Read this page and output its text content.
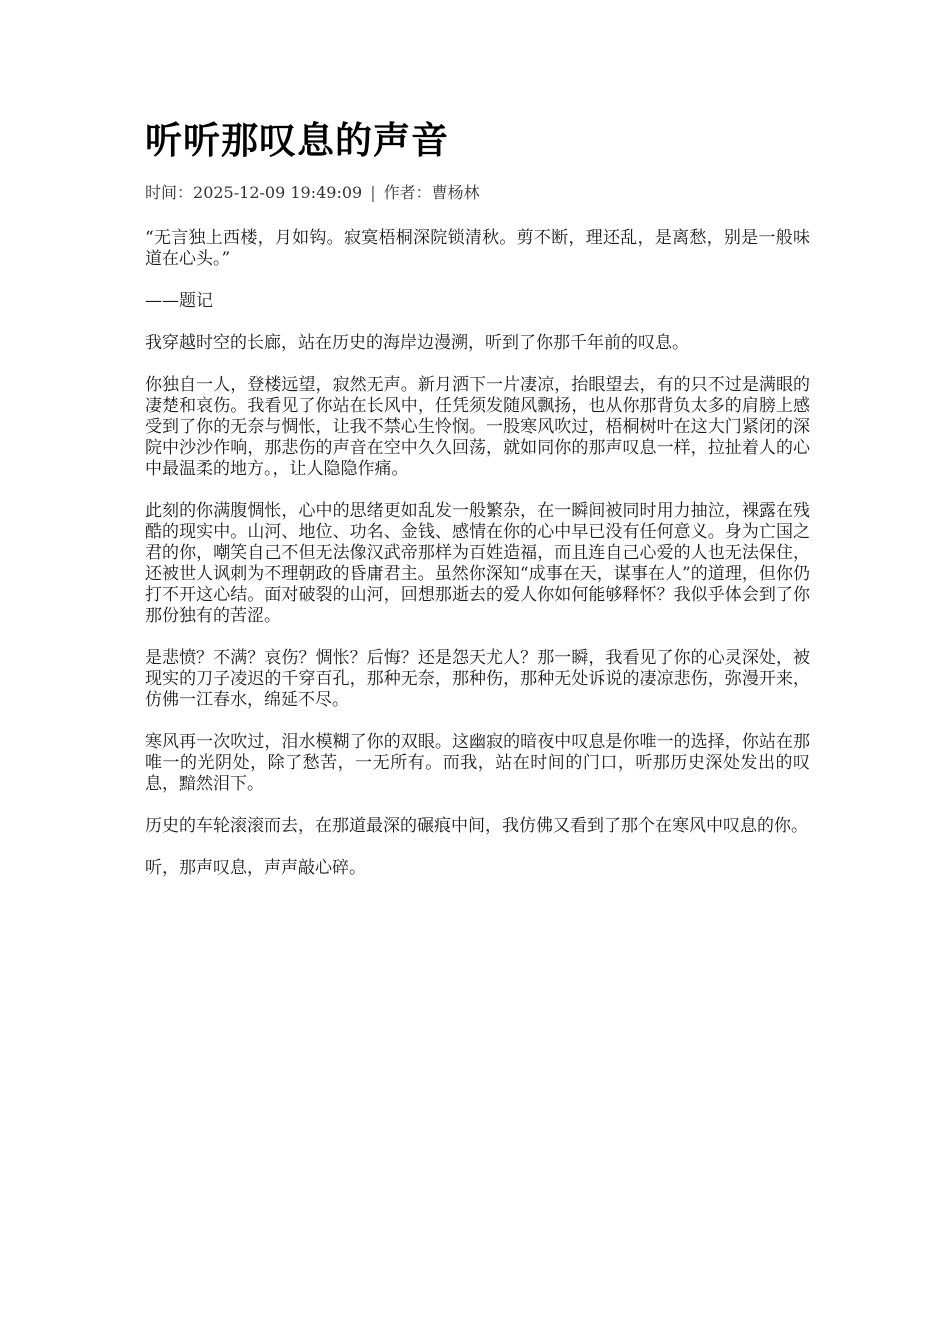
听听那叹息的声音
时间：2025-12-09 19:49:09 | 作者：曹杨林

“无言独上西楼，月如钩。寂寞梧桐深院锁清秋。剪不断，理还乱，是离愁，别是一般味道在心头。”

——题记

我穿越时空的长廊，站在历史的海岸边漫溯，听到了你那千年前的叹息。

你独自一人，登楼远望，寂然无声。新月洒下一片凄凉，抬眼望去，有的只不过是满眼的凄楚和哀伤。我看见了你站在长风中，任凭须发随风飘扬，也从你那背负太多的肩膀上感受到了你的无奈与惆怅，让我不禁心生怜悯。一股寒风吹过，梧桐树叶在这大门紧闭的深院中沙沙作响，那悲伤的声音在空中久久回荡，就如同你的那声叹息一样，拉扯着人的心中最温柔的地方。，让人隐隐作痛。

此刻的你满腹惆怅，心中的思绪更如乱发一般繁杂，在一瞬间被同时用力抽泣，裸露在残酷的现实中。山河、地位、功名、金钱、感情在你的心中早已没有任何意义。身为亡国之君的你，嘲笑自己不但无法像汉武帝那样为百姓造福，而且连自己心爱的人也无法保住，还被世人讽刺为不理朝政的昏庸君主。虽然你深知“成事在天，谋事在人”的道理，但你仍打不开这心结。面对破裂的山河，回想那逝去的爱人你如何能够释怀？我似乎体会到了你那份独有的苦涩。

是悲愤？不满？哀伤？惆怅？后悔？还是怨天尤人？那一瞬，我看见了你的心灵深处，被现实的刀子凌迟的千穿百孔，那种无奈，那种伤，那种无处诉说的凄凉悲伤，弥漫开来，仿佛一江春水，绵延不尽。

寒风再一次吹过，泪水模糊了你的双眼。这幽寂的暗夜中叹息是你唯一的选择，你站在那唯一的光阴处，除了愁苦，一无所有。而我，站在时间的门口，听那历史深处发出的叹息，黯然泪下。

历史的车轮滚滚而去，在那道最深的碾痕中间，我仿佛又看到了那个在寒风中叹息的你。

听，那声叹息，声声敲心碎。
